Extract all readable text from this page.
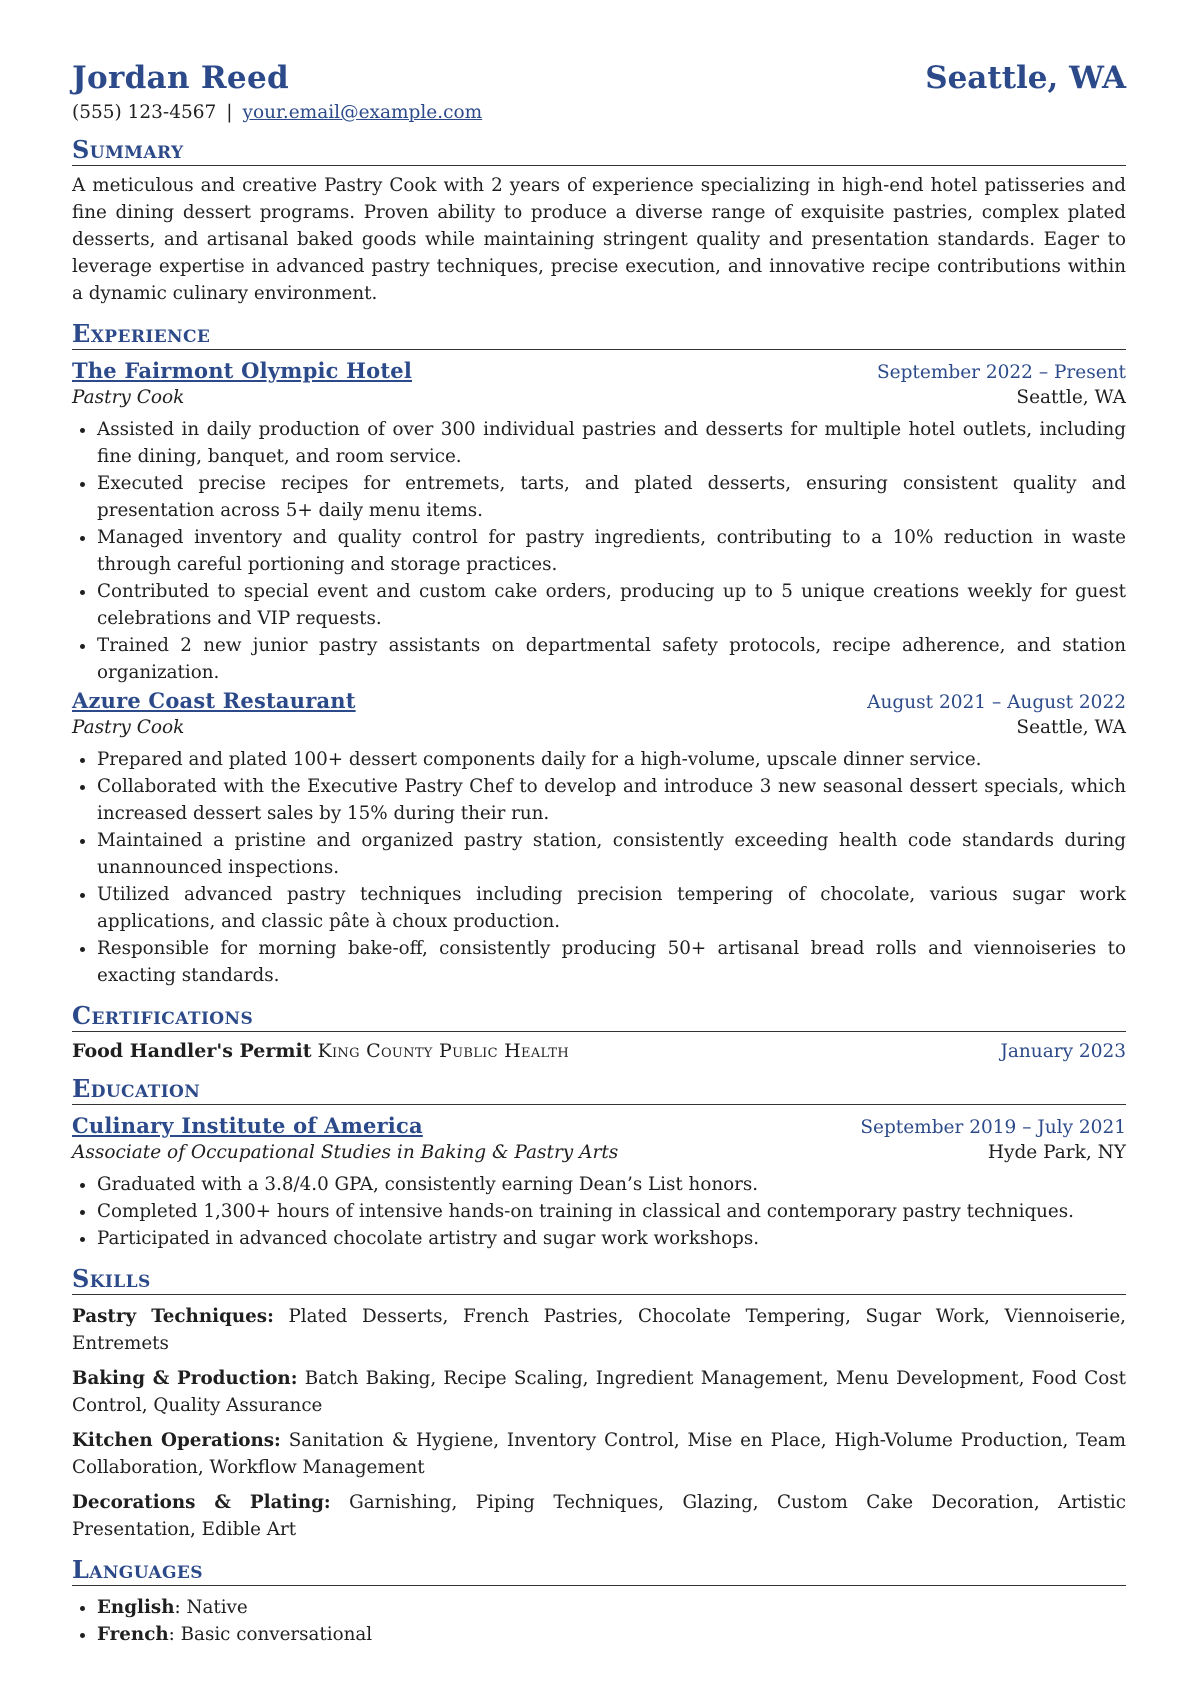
Jordan Reed	Seattle, WA
(555) 123-4567 | your.email@example.com
Summary
A meticulous and creative Pastry Cook with 2 years of experience specializing in high-end hotel patisseries and fine dining dessert programs. Proven ability to produce a diverse range of exquisite pastries, complex plated desserts, and artisanal baked goods while maintaining stringent quality and presentation standards. Eager to leverage expertise in advanced pastry techniques, precise execution, and innovative recipe contributions within a dynamic culinary environment.
Experience
The Fairmont Olympic Hotel	September 2022 – Present
Pastry Cook	Seattle, WA
• Assisted in daily production of over 300 individual pastries and desserts for multiple hotel outlets, including fine dining, banquet, and room service.
• Executed precise recipes for entremets, tarts, and plated desserts, ensuring consistent quality and presentation across 5+ daily menu items.
• Managed inventory and quality control for pastry ingredients, contributing to a 10% reduction in waste through careful portioning and storage practices.
• Contributed to special event and custom cake orders, producing up to 5 unique creations weekly for guest celebrations and VIP requests.
• Trained 2 new junior pastry assistants on departmental safety protocols, recipe adherence, and station organization.
Azure Coast Restaurant	August 2021 – August 2022
Pastry Cook	Seattle, WA
• Prepared and plated 100+ dessert components daily for a high-volume, upscale dinner service.
• Collaborated with the Executive Pastry Chef to develop and introduce 3 new seasonal dessert specials, which increased dessert sales by 15% during their run.
• Maintained a pristine and organized pastry station, consistently exceeding health code standards during unannounced inspections.
• Utilized advanced pastry techniques including precision tempering of chocolate, various sugar work applications, and classic pâte à choux production.
• Responsible for morning bake-off, consistently producing 50+ artisanal bread rolls and viennoiseries to exacting standards.
Certifications
Food Handler's Permit King County Public Health	January 2023
Education
Culinary Institute of America	September 2019 – July 2021
Associate of Occupational Studies in Baking & Pastry Arts	Hyde Park, NY
• Graduated with a 3.8/4.0 GPA, consistently earning Dean’s List honors.
• Completed 1,300+ hours of intensive hands-on training in classical and contemporary pastry techniques.
• Participated in advanced chocolate artistry and sugar work workshops.
Skills
Pastry Techniques: Plated Desserts, French Pastries, Chocolate Tempering, Sugar Work, Viennoiserie, Entremets
Baking & Production: Batch Baking, Recipe Scaling, Ingredient Management, Menu Development, Food Cost Control, Quality Assurance
Kitchen Operations: Sanitation & Hygiene, Inventory Control, Mise en Place, High-Volume Production, Team Collaboration, Workflow Management
Decorations & Plating: Garnishing, Piping Techniques, Glazing, Custom Cake Decoration, Artistic Presentation, Edible Art
Languages
• English: Native
• French: Basic conversational
